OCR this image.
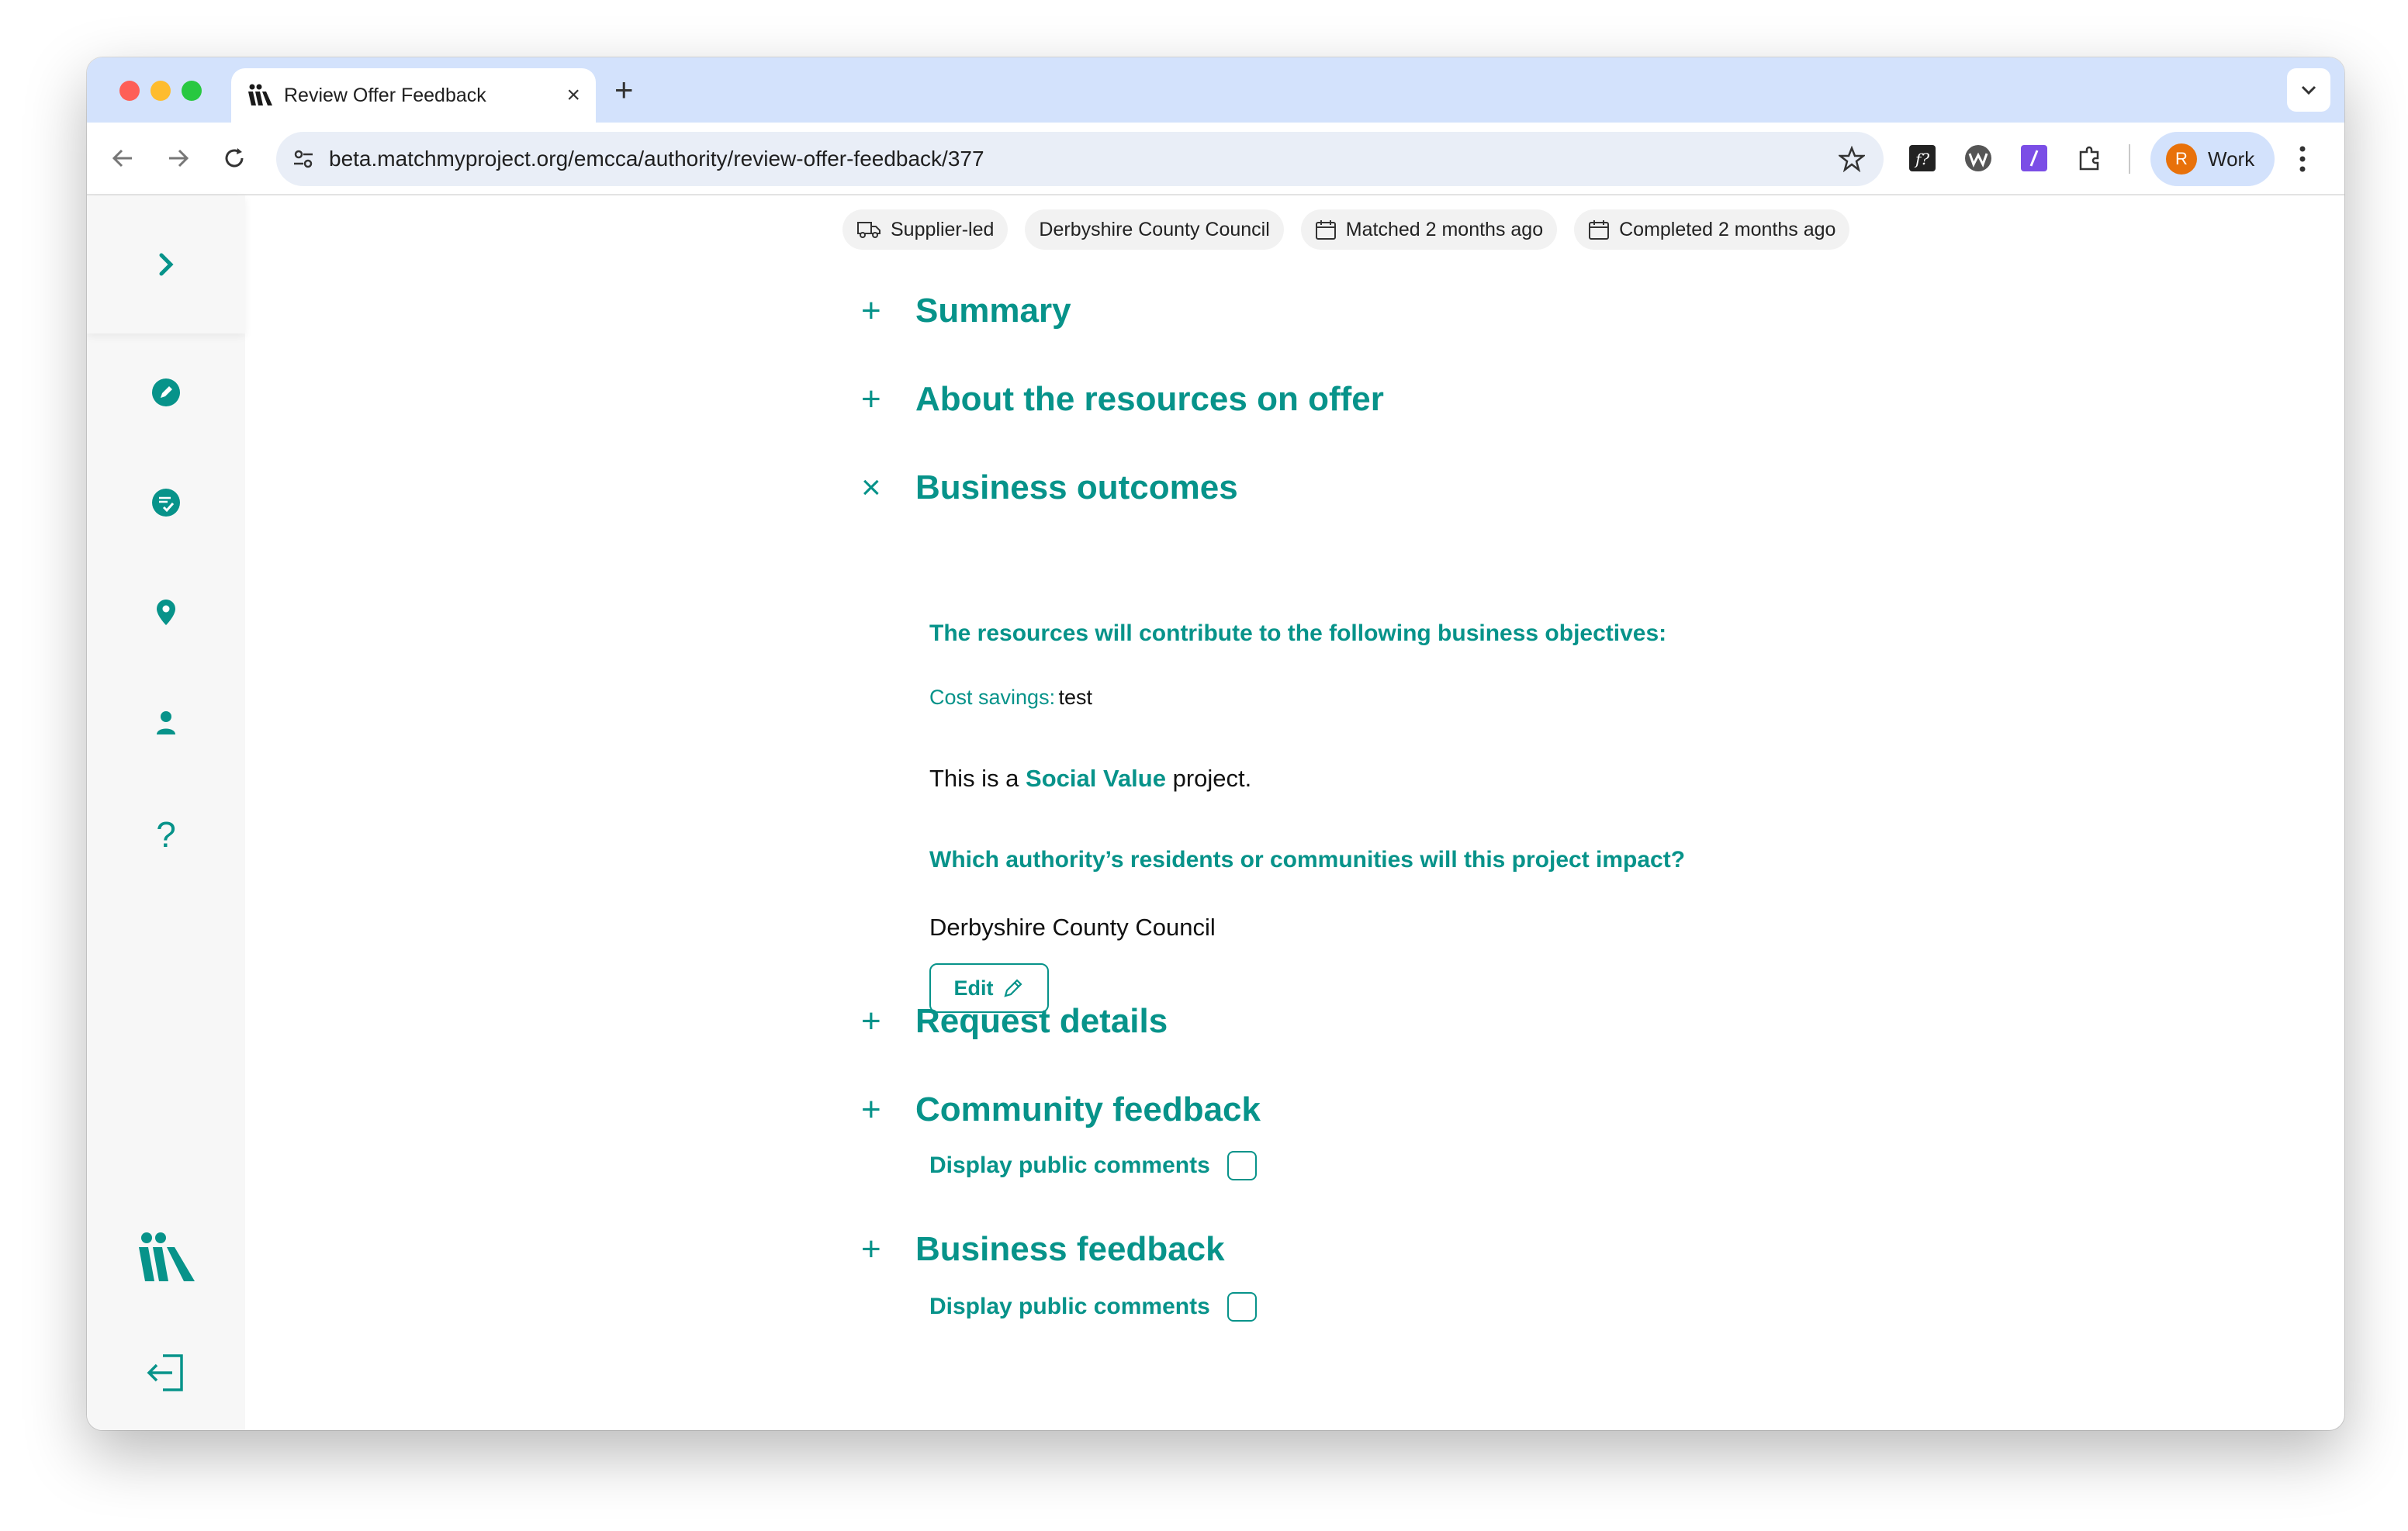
Review Offer Feedback	× +
beta.matchmyproject.org/emcca/authority/review-offer-feedback/377	f?	R	Work
?
Supplier-led Derbyshire County Council	Matched 2 months ago	Completed 2 months ago
+	Summary
+	About the resources on offer
×	Business outcomes
The resources will contribute to the following business objectives:
Cost savings: test
This is a Social Value project.
Which authority’s residents or communities will this project impact?
Derbyshire County Council
Edit
+	Request details
+	Community feedback
Display public comments
+	Business feedback
Display public comments
